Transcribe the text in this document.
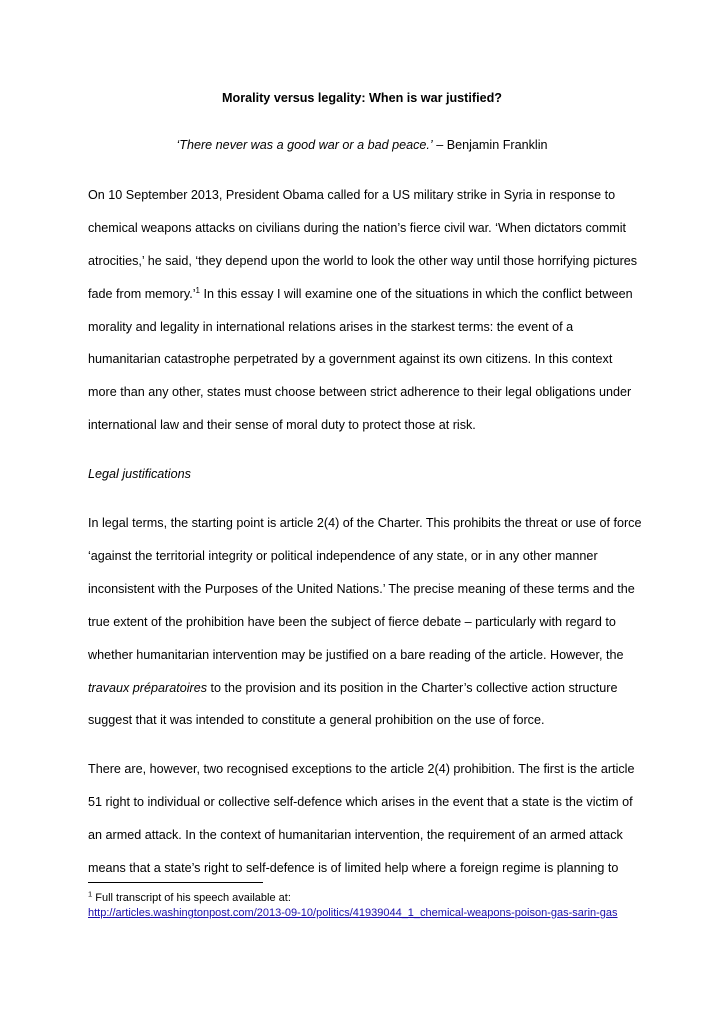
Morality versus legality: When is war justified?
‘There never was a good war or a bad peace.’ – Benjamin Franklin
On 10 September 2013, President Obama called for a US military strike in Syria in response to
chemical weapons attacks on civilians during the nation’s fierce civil war. ‘When dictators commit
atrocities,’ he said, ‘they depend upon the world to look the other way until those horrifying pictures
fade from memory.’$^1$ In this essay I will examine one of the situations in which the conflict between
morality and legality in international relations arises in the starkest terms: the event of a
humanitarian catastrophe perpetrated by a government against its own citizens. In this context
more than any other, states must choose between strict adherence to their legal obligations under
international law and their sense of moral duty to protect those at risk.
Legal justifications
In legal terms, the starting point is article 2(4) of the Charter. This prohibits the threat or use of force
‘against the territorial integrity or political independence of any state, or in any other manner
inconsistent with the Purposes of the United Nations.’ The precise meaning of these terms and the
true extent of the prohibition have been the subject of fierce debate – particularly with regard to
whether humanitarian intervention may be justified on a bare reading of the article. However, the
travaux préparatoires to the provision and its position in the Charter’s collective action structure
suggest that it was intended to constitute a general prohibition on the use of force.
There are, however, two recognised exceptions to the article 2(4) prohibition. The first is the article
51 right to individual or collective self-defence which arises in the event that a state is the victim of
an armed attack. In the context of humanitarian intervention, the requirement of an armed attack
means that a state’s right to self-defence is of limited help where a foreign regime is planning to
$^1$ Full transcript of his speech available at:
http://articles.washingtonpost.com/2013-09-10/politics/41939044_1_chemical-weapons-poison-gas-sarin-gas
